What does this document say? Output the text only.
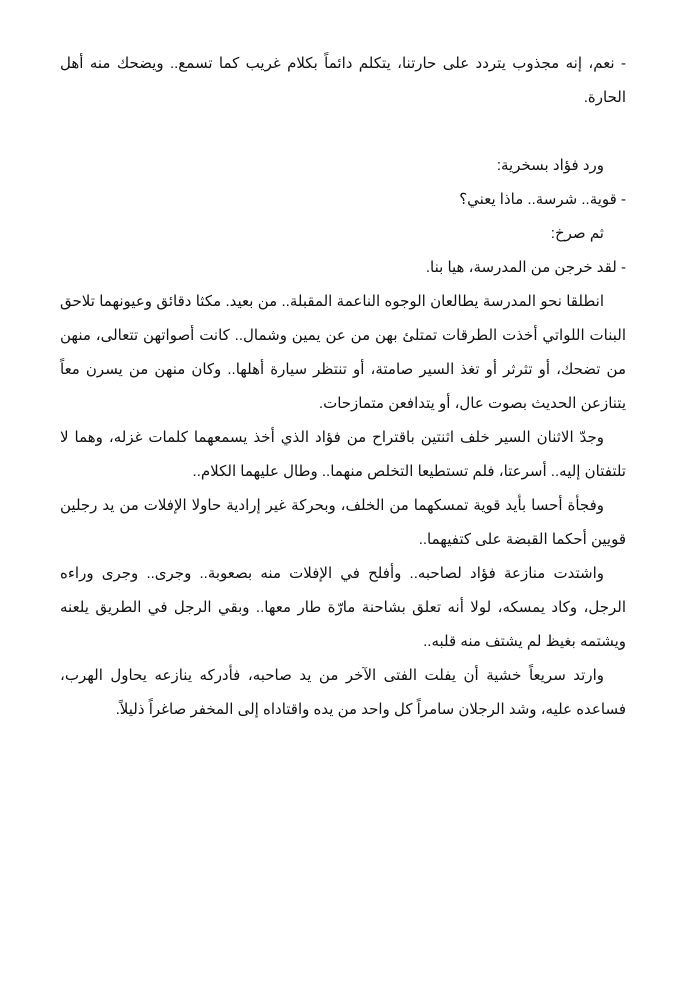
- نعم، إنه مجذوب يتردد على حارتنا، يتكلم دائماً بكلام غريب كما تسمع.. ويضحك منه أهل الحارة.

ورد فؤاد بسخرية:

- قوية.. شرسة.. ماذا يعني؟

ثم صرخ:

- لقد خرجن من المدرسة، هيا بنا.

انطلقا نحو المدرسة يطالعان الوجوه الناعمة المقبلة.. من بعيد. مكثا دقائق وعيونهما تلاحق البنات اللواتي أخذت الطرقات تمتلئ بهن من عن يمين وشمال.. كانت أصواتهن تتعالى، منهن من تضحك، أو تثرثر أو تغذ السير صامتة، أو تنتظر سيارة أهلها.. وكان منهن من يسرن معاً يتنازعن الحديث بصوت عال، أو يتدافعن متمازحات.

وجدّ الاثنان السير خلف اثنتين باقتراح من فؤاد الذي أخذ يسمعهما كلمات غزله، وهما لا تلتفتان إليه.. أسرعتا، فلم تستطيعا التخلص منهما.. وطال عليهما الكلام..

وفجأة أحسا بأيد قوية تمسكهما من الخلف، وبحركة غير إرادية حاولا الإفلات من يد رجلين قويين أحكما القبضة على كتفيهما..

واشتدت منازعة فؤاد لصاحبه.. وأفلح في الإفلات منه بصعوبة.. وجرى.. وجرى وراءه الرجل، وكاد يمسكه، لولا أنه تعلق بشاحنة مارّة طار معها.. وبقي الرجل في الطريق يلعنه ويشتمه بغيظ لم يشتف منه قلبه..

وارتد سريعاً خشية أن يفلت الفتى الآخر من يد صاحبه، فأدركه ينازعه يحاول الهرب، فساعده عليه، وشد الرجلان سامراً كل واحد من يده واقتاداه إلى المخفر صاغراً ذليلاً.
